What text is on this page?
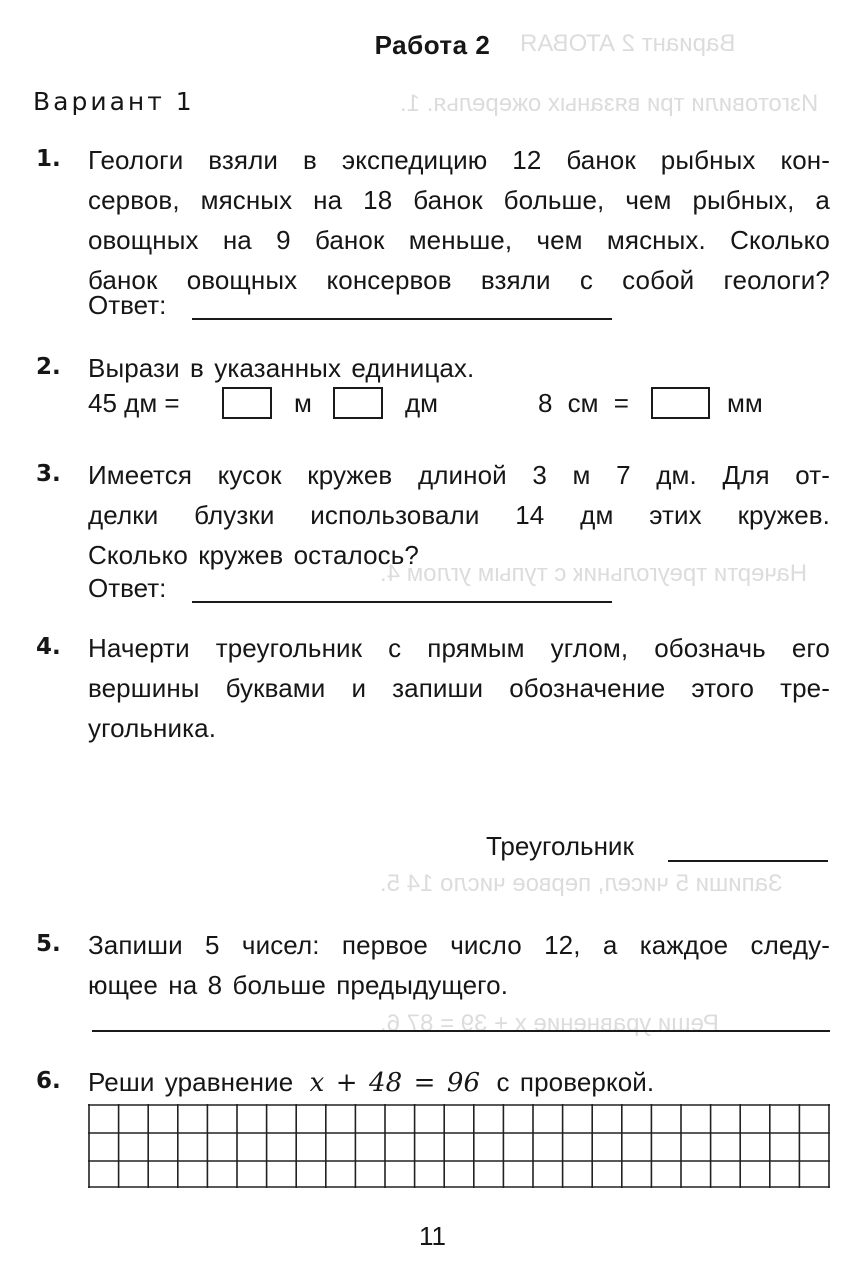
Вариант 2 АТОВАЯ
Изготовили три вязаных ожерелья. 1.
Начерти треугольник с тупым углом 4.
Запиши 5 чисел, первое число 14 5.
Реши уравнение x + 39 = 87 6.
Работа 2
Вариант 1
1. Геологи взяли в экспедицию 12 банок рыбных кон-
сервов, мясных на 18 банок больше, чем рыбных, а
овощных на 9 банок меньше, чем мясных. Сколько
банок овощных консервов взяли с собой геологи?
Ответ:
2. Вырази в указанных единицах.
45 дм =	м	дм	8 см =	мм
3. Имеется кусок кружев длиной 3 м 7 дм. Для от-
делки блузки использовали 14 дм этих кружев.
Сколько кружев осталось?
Ответ:
4. Начерти треугольник с прямым углом, обозначь его
вершины буквами и запиши обозначение этого тре-
угольника.
Треугольник
5. Запиши 5 чисел: первое число 12, а каждое следу-
ющее на 8 больше предыдущего.
6. Реши уравнение x + 48 = 96 с проверкой.
11
